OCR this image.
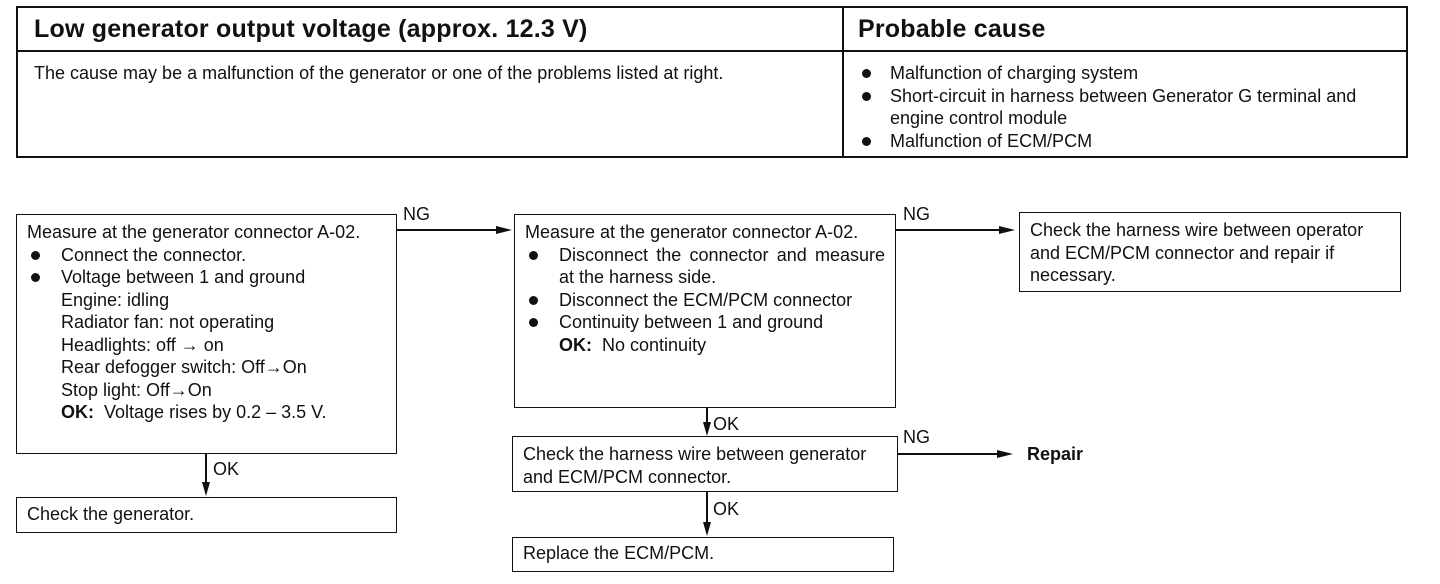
Low generator output voltage (approx. 12.3 V)	Probable cause
The cause may be a malfunction of the generator or one of the problems listed at right.	Malfunction of charging system
Short-circuit in harness between Generator G terminal and engine control module
Malfunction of ECM/PCM
Measure at the generator connector A-02.
Connect the connector.
Voltage between 1 and ground
Engine: idling
Radiator fan: not operating
Headlights: off → on
Rear defogger switch: Off→On
Stop light: Off→On
OK: Voltage rises by 0.2 – 3.5 V.
Check the generator.
Measure at the generator connector A-02.
Disconnect the connector and measure at the harness side.
Disconnect the ECM/PCM connector
Continuity between 1 and ground
OK: No continuity
Check the harness wire between operator and ECM/PCM connector and repair if necessary.
Check the harness wire between generator and ECM/PCM connector.
Replace the ECM/PCM.
NG	NG
OK
OK
NG
Repair
OK
